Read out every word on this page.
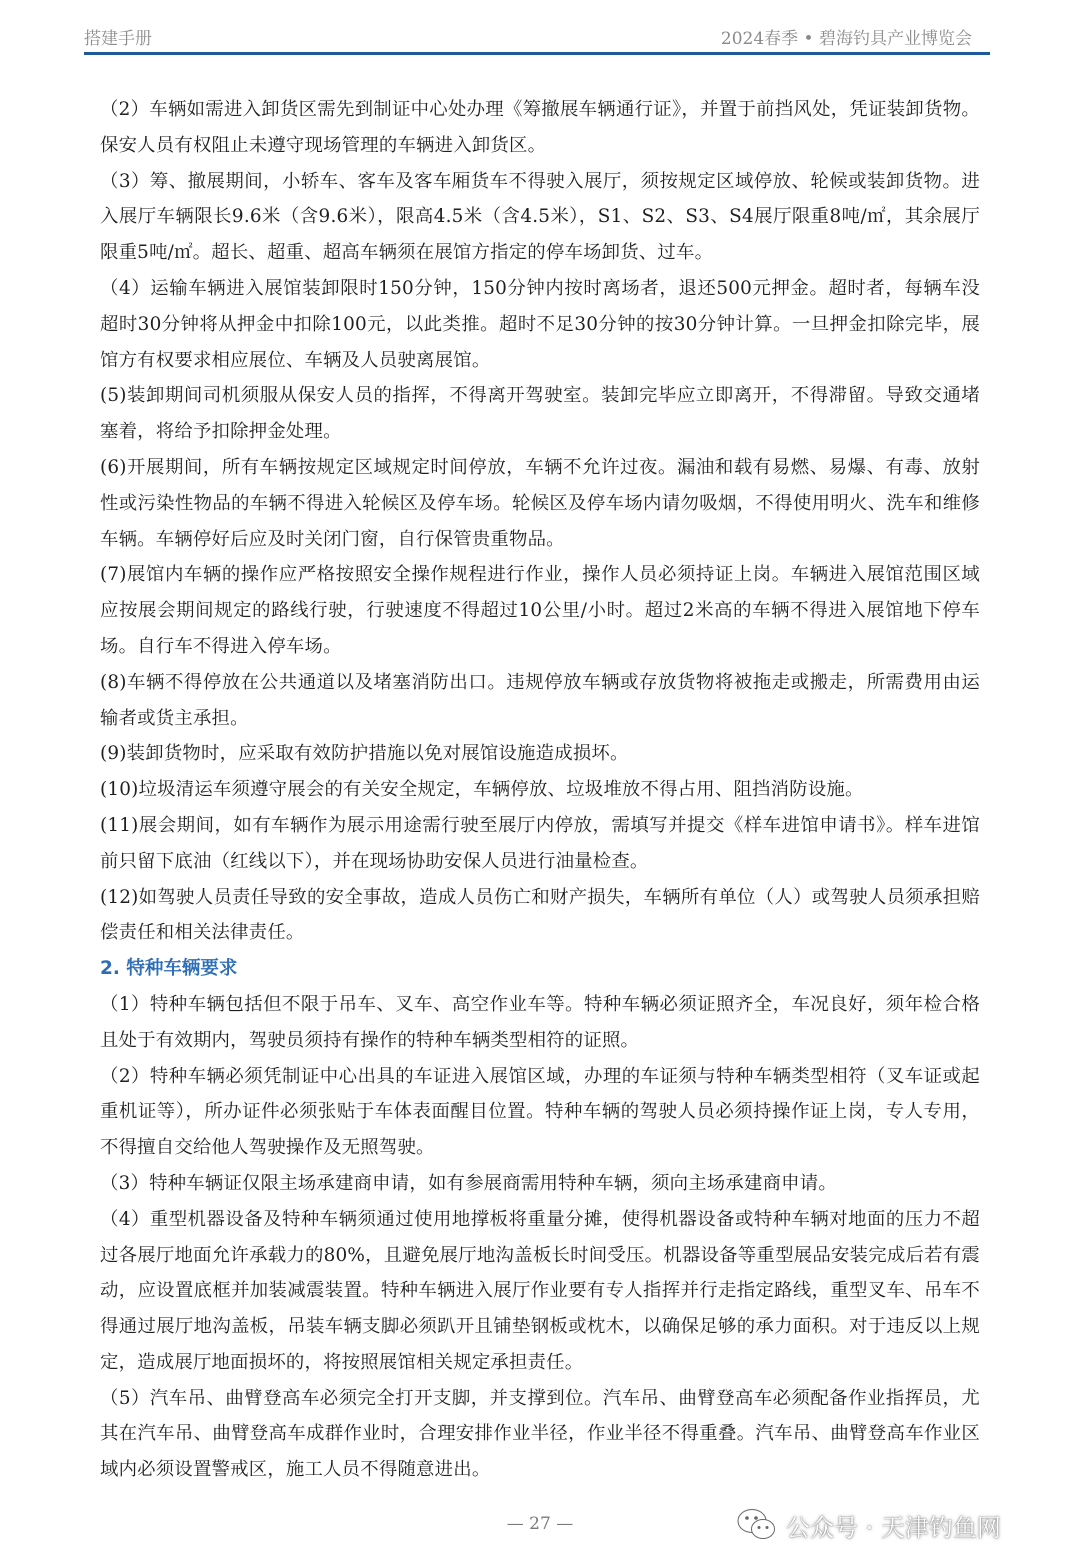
搭建手册	2024春季 • 碧海钓具产业博览会

（2）车辆如需进入卸货区需先到制证中心处办理《筹撤展车辆通行证》，并置于前挡风处，凭证装卸货物。保安人员有权阻止未遵守现场管理的车辆进入卸货区。

（3）筹、撤展期间，小轿车、客车及客车厢货车不得驶入展厅，须按规定区域停放、轮候或装卸货物。进入展厅车辆限长9.6米（含9.6米），限高4.5米（含4.5米），S1、S2、S3、S4展厅限重8吨/㎡，其余展厅限重5吨/㎡。超长、超重、超高车辆须在展馆方指定的停车场卸货、过车。

（4）运输车辆进入展馆装卸限时150分钟，150分钟内按时离场者，退还500元押金。超时者，每辆车没超时30分钟将从押金中扣除100元，以此类推。超时不足30分钟的按30分钟计算。一旦押金扣除完毕，展馆方有权要求相应展位、车辆及人员驶离展馆。

(5)装卸期间司机须服从保安人员的指挥，不得离开驾驶室。装卸完毕应立即离开，不得滞留。导致交通堵塞着，将给予扣除押金处理。

(6)开展期间，所有车辆按规定区域规定时间停放，车辆不允许过夜。漏油和载有易燃、易爆、有毒、放射性或污染性物品的车辆不得进入轮候区及停车场。轮候区及停车场内请勿吸烟，不得使用明火、洗车和维修车辆。车辆停好后应及时关闭门窗，自行保管贵重物品。

(7)展馆内车辆的操作应严格按照安全操作规程进行作业，操作人员必须持证上岗。车辆进入展馆范围区域应按展会期间规定的路线行驶，行驶速度不得超过10公里/小时。超过2米高的车辆不得进入展馆地下停车场。自行车不得进入停车场。

(8)车辆不得停放在公共通道以及堵塞消防出口。违规停放车辆或存放货物将被拖走或搬走，所需费用由运输者或货主承担。

(9)装卸货物时，应采取有效防护措施以免对展馆设施造成损坏。

(10)垃圾清运车须遵守展会的有关安全规定，车辆停放、垃圾堆放不得占用、阻挡消防设施。

(11)展会期间，如有车辆作为展示用途需行驶至展厅内停放，需填写并提交《样车进馆申请书》。样车进馆前只留下底油（红线以下），并在现场协助安保人员进行油量检查。

(12)如驾驶人员责任导致的安全事故，造成人员伤亡和财产损失，车辆所有单位（人）或驾驶人员须承担赔偿责任和相关法律责任。

2. 特种车辆要求

（1）特种车辆包括但不限于吊车、叉车、高空作业车等。特种车辆必须证照齐全，车况良好，须年检合格且处于有效期内，驾驶员须持有操作的特种车辆类型相符的证照。

（2）特种车辆必须凭制证中心出具的车证进入展馆区域，办理的车证须与特种车辆类型相符（叉车证或起重机证等），所办证件必须张贴于车体表面醒目位置。特种车辆的驾驶人员必须持操作证上岗，专人专用，不得擅自交给他人驾驶操作及无照驾驶。

（3）特种车辆证仅限主场承建商申请，如有参展商需用特种车辆，须向主场承建商申请。

（4）重型机器设备及特种车辆须通过使用地撑板将重量分摊，使得机器设备或特种车辆对地面的压力不超过各展厅地面允许承载力的80%，且避免展厅地沟盖板长时间受压。机器设备等重型展品安装完成后若有震动，应设置底框并加装减震装置。特种车辆进入展厅作业要有专人指挥并行走指定路线，重型叉车、吊车不得通过展厅地沟盖板，吊装车辆支脚必须趴开且铺垫钢板或枕木，以确保足够的承力面积。对于违反以上规定，造成展厅地面损坏的，将按照展馆相关规定承担责任。

（5）汽车吊、曲臂登高车必须完全打开支脚，并支撑到位。汽车吊、曲臂登高车必须配备作业指挥员，尤其在汽车吊、曲臂登高车成群作业时，合理安排作业半径，作业半径不得重叠。汽车吊、曲臂登高车作业区域内必须设置警戒区，施工人员不得随意进出。

— 27 —	公众号 · 天津钓鱼网
